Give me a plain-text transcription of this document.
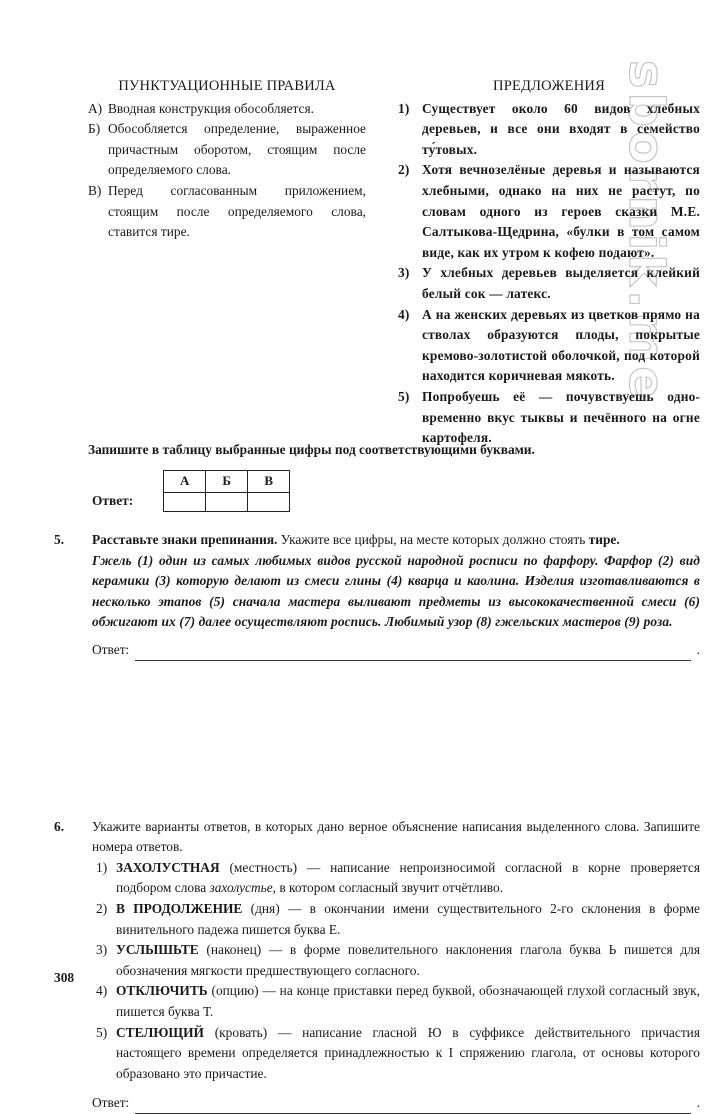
sbornik.me
ПУНКТУАЦИОННЫЕ ПРАВИЛА
А) Вводная конструкция обособляется.
Б) Обособляется определение, выраженное причастным оборотом, стоящим после определяемого слова.
В) Перед согласованным приложением, стоящим после определяемого слова, ставится тире.
ПРЕДЛОЖЕНИЯ
1) Существует около 60 видов хлебных деревьев, и все они входят в семейство ту́товых.
2) Хотя вечнозелёные деревья и называются хлебными, однако на них не растут, по словам одного из героев сказки М.Е. Салтыкова-Щедрина, «булки в том самом виде, как их утром к кофею подают».
3) У хлебных деревьев выделяется клейкий белый сок — латекс.
4) А на женских деревьях из цветков прямо на стволах образуются плоды, покрытые кремово-золотистой оболочкой, под которой находится коричневая мякоть.
5) Попробуешь её — почувствуешь одновременно вкус тыквы и печённого на огне картофеля.
Запишите в таблицу выбранные цифры под соответствующими буквами.
Ответ:
А	Б	В

5. Расставьте знаки препинания. Укажите все цифры, на месте которых должно стоять тире.
Гжель (1) один из самых любимых видов русской народной росписи по фарфору. Фарфор (2) вид керамики (3) которую делают из смеси глины (4) кварца и каолина. Изделия изготавливаются в несколько этапов (5) сначала мастера выливают предметы из высококачественной смеси (6) обжигают их (7) далее осуществляют роспись. Любимый узор (8) гжельских мастеров (9) роза.
Ответ:	.
6. Укажите варианты ответов, в которых дано верное объяснение написания выделенного слова. Запишите номера ответов.
1) ЗАХОЛУСТНАЯ (местность) — написание непроизносимой согласной в корне проверяется подбором слова захолустье, в котором согласный звучит отчётливо.
2) В ПРОДОЛЖЕНИЕ (дня) — в окончании имени существительного 2-го склонения в форме винительного падежа пишется буква Е.
3) УСЛЫШЬТЕ (наконец) — в форме повелительного наклонения глагола буква Ь пишется для обозначения мягкости предшествующего согласного.
4) ОТКЛЮЧИТЬ (опцию) — на конце приставки перед буквой, обозначающей глухой согласный звук, пишется буква Т.
5) СТЕЛЮЩИЙ (кровать) — написание гласной Ю в суффиксе действительного причастия настоящего времени определяется принадлежностью к I спряжению глагола, от основы которого образовано это причастие.
Ответ:	.
308
